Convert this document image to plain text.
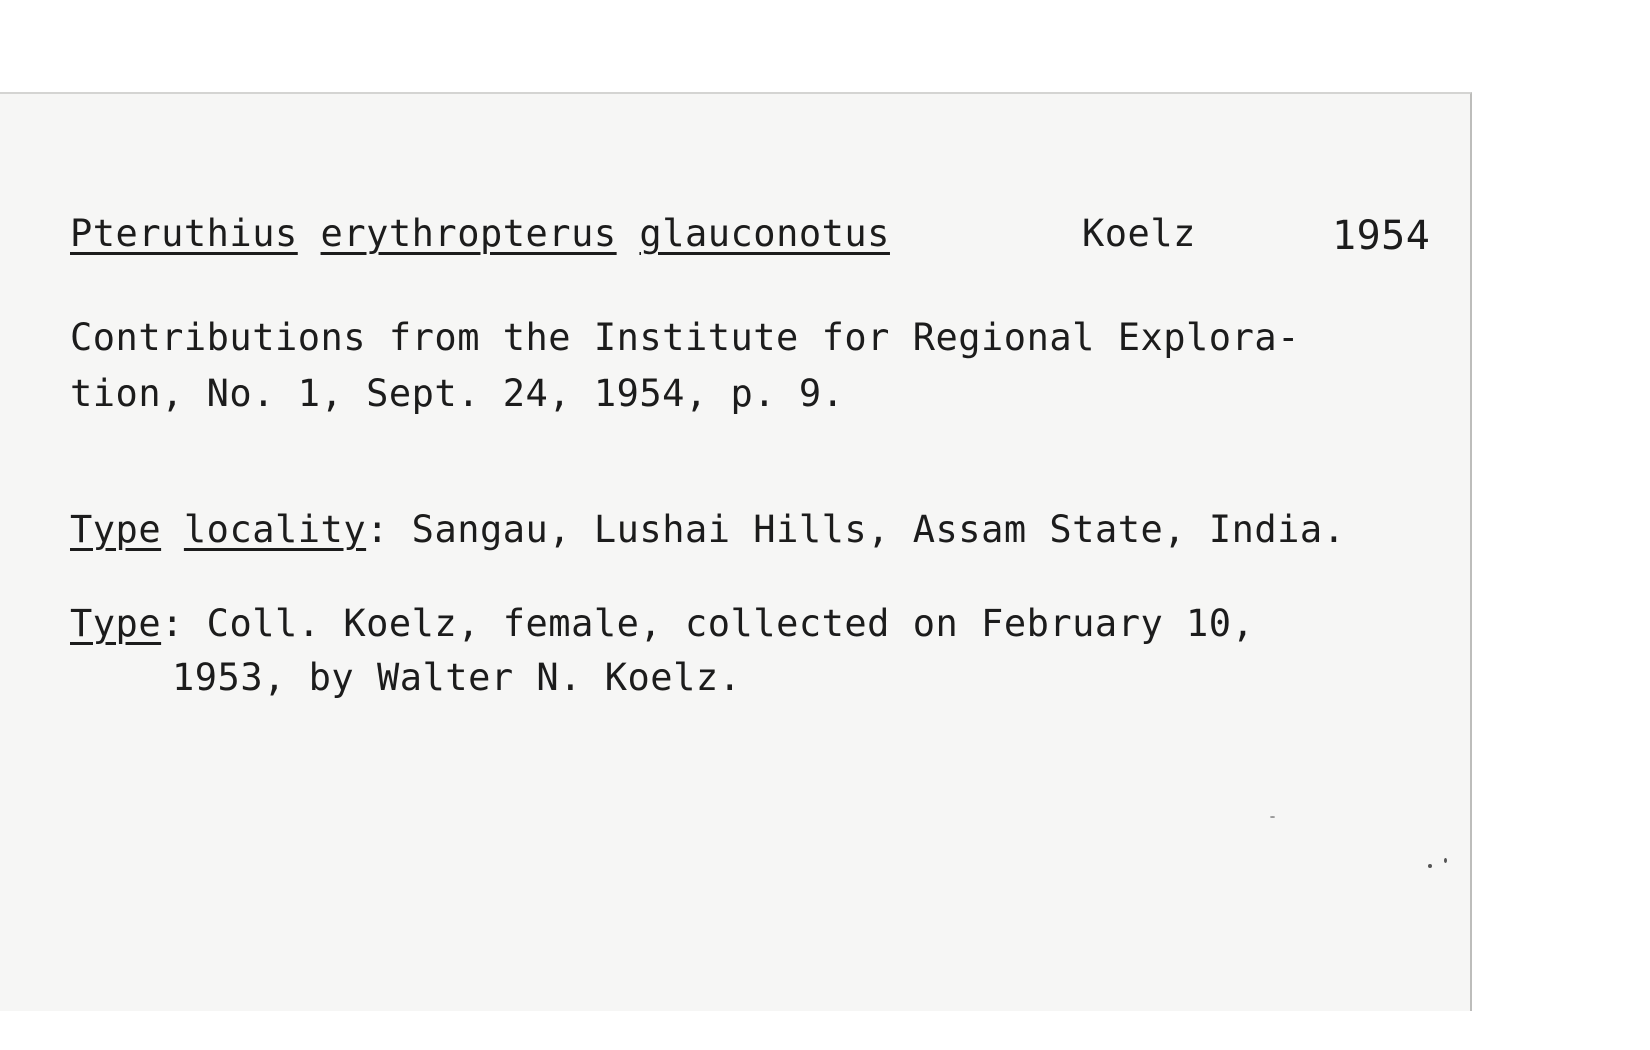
Pteruthius erythropterus glauconotus	Koelz	1954
Contributions from the Institute for Regional Explora-
tion, No. 1, Sept. 24, 1954, p. 9.
Type locality: Sangau, Lushai Hills, Assam State, India.
Type: Coll. Koelz, female, collected on February 10,
1953, by Walter N. Koelz.
